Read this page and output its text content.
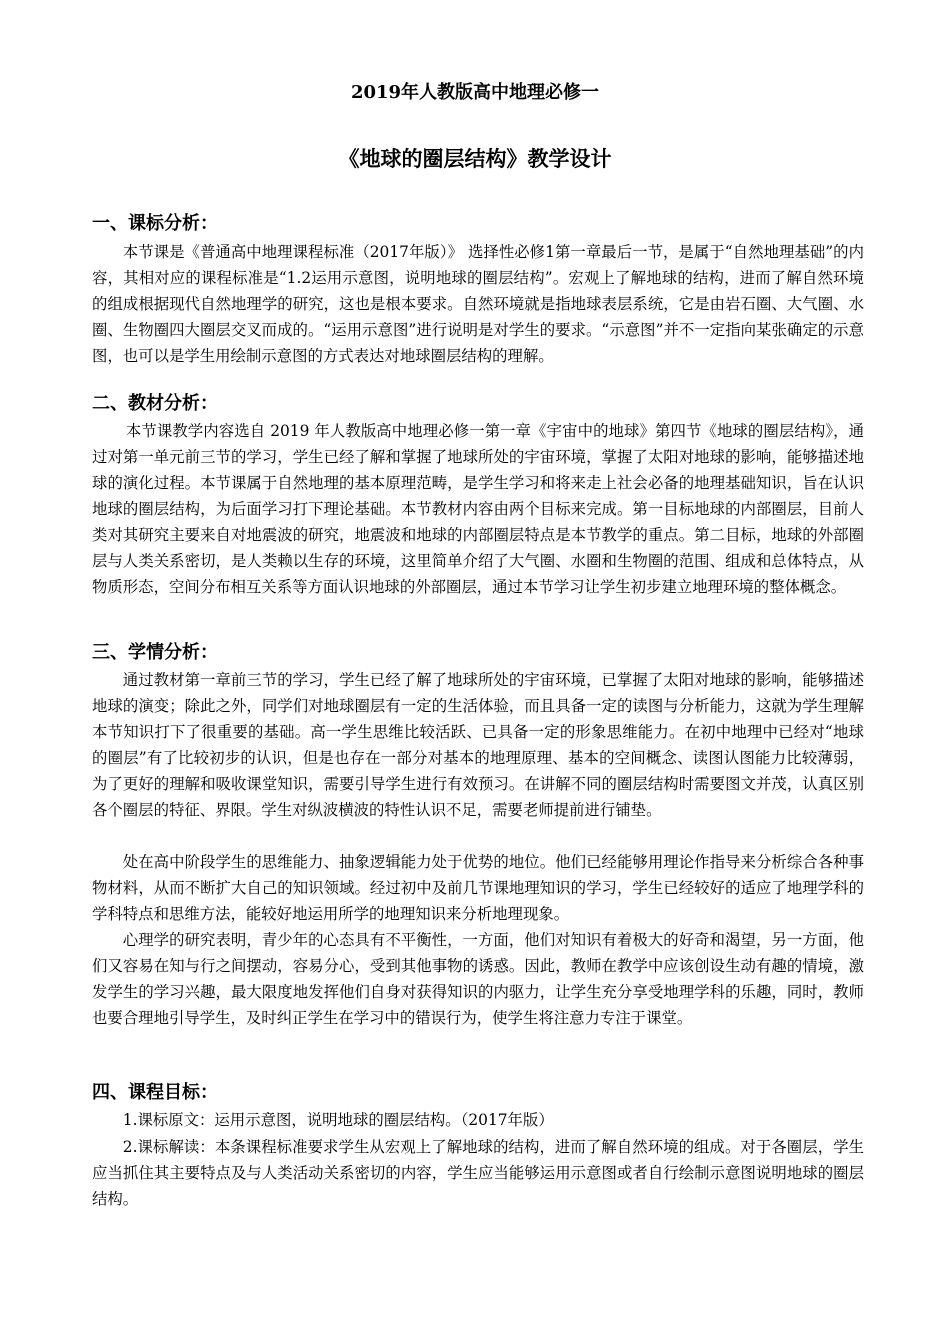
2019年人教版高中地理必修一
《地球的圈层结构》教学设计
一、课标分析：

本节课是《普通高中地理课程标准（2017年版）》 选择性必修1第一章最后一节，是属于“自然地理基础”的内容，其相对应的课程标准是“1.2运用示意图，说明地球的圈层结构”。宏观上了解地球的结构，进而了解自然环境的组成根据现代自然地理学的研究，这也是根本要求。自然环境就是指地球表层系统，它是由岩石圈、大气圈、水圈、生物圈四大圈层交叉而成的。“运用示意图”进行说明是对学生的要求。“示意图”并不一定指向某张确定的示意图，也可以是学生用绘制示意图的方式表达对地球圈层结构的理解。

二、教材分析：

本节课教学内容选自 2019 年人教版高中地理必修一第一章《宇宙中的地球》第四节《地球的圈层结构》，通过对第一单元前三节的学习，学生已经了解和掌握了地球所处的宇宙环境，掌握了太阳对地球的影响，能够描述地球的演化过程。本节课属于自然地理的基本原理范畴，是学生学习和将来走上社会必备的地理基础知识，旨在认识地球的圈层结构，为后面学习打下理论基础。本节教材内容由两个目标来完成。第一目标地球的内部圈层，目前人类对其研究主要来自对地震波的研究，地震波和地球的内部圈层特点是本节教学的重点。第二目标，地球的外部圈层与人类关系密切，是人类赖以生存的环境，这里简单介绍了大气圈、水圈和生物圈的范围、组成和总体特点，从物质形态，空间分布相互关系等方面认识地球的外部圈层，通过本节学习让学生初步建立地理环境的整体概念。

三、学情分析：

通过教材第一章前三节的学习，学生已经了解了地球所处的宇宙环境，已掌握了太阳对地球的影响，能够描述地球的演变；除此之外，同学们对地球圈层有一定的生活体验，而且具备一定的读图与分析能力，这就为学生理解本节知识打下了很重要的基础。高一学生思维比较活跃、已具备一定的形象思维能力。在初中地理中已经对“地球的圈层”有了比较初步的认识，但是也存在一部分对基本的地理原理、基本的空间概念、读图认图能力比较薄弱，为了更好的理解和吸收课堂知识，需要引导学生进行有效预习。在讲解不同的圈层结构时需要图文并茂，认真区别各个圈层的特征、界限。学生对纵波横波的特性认识不足，需要老师提前进行铺垫。

处在高中阶段学生的思维能力、抽象逻辑能力处于优势的地位。他们已经能够用理论作指导来分析综合各种事物材料，从而不断扩大自己的知识领域。经过初中及前几节课地理知识的学习，学生已经较好的适应了地理学科的学科特点和思维方法，能较好地运用所学的地理知识来分析地理现象。

心理学的研究表明，青少年的心态具有不平衡性，一方面，他们对知识有着极大的好奇和渴望，另一方面，他们又容易在知与行之间摆动，容易分心，受到其他事物的诱惑。因此，教师在教学中应该创设生动有趣的情境，激发学生的学习兴趣，最大限度地发挥他们自身对获得知识的内驱力，让学生充分享受地理学科的乐趣，同时，教师也要合理地引导学生，及时纠正学生在学习中的错误行为，使学生将注意力专注于课堂。

四、课程目标：

1.课标原文：运用示意图，说明地球的圈层结构。（2017年版）

2.课标解读：本条课程标准要求学生从宏观上了解地球的结构，进而了解自然环境的组成。对于各圈层，学生应当抓住其主要特点及与人类活动关系密切的内容，学生应当能够运用示意图或者自行绘制示意图说明地球的圈层结构。
